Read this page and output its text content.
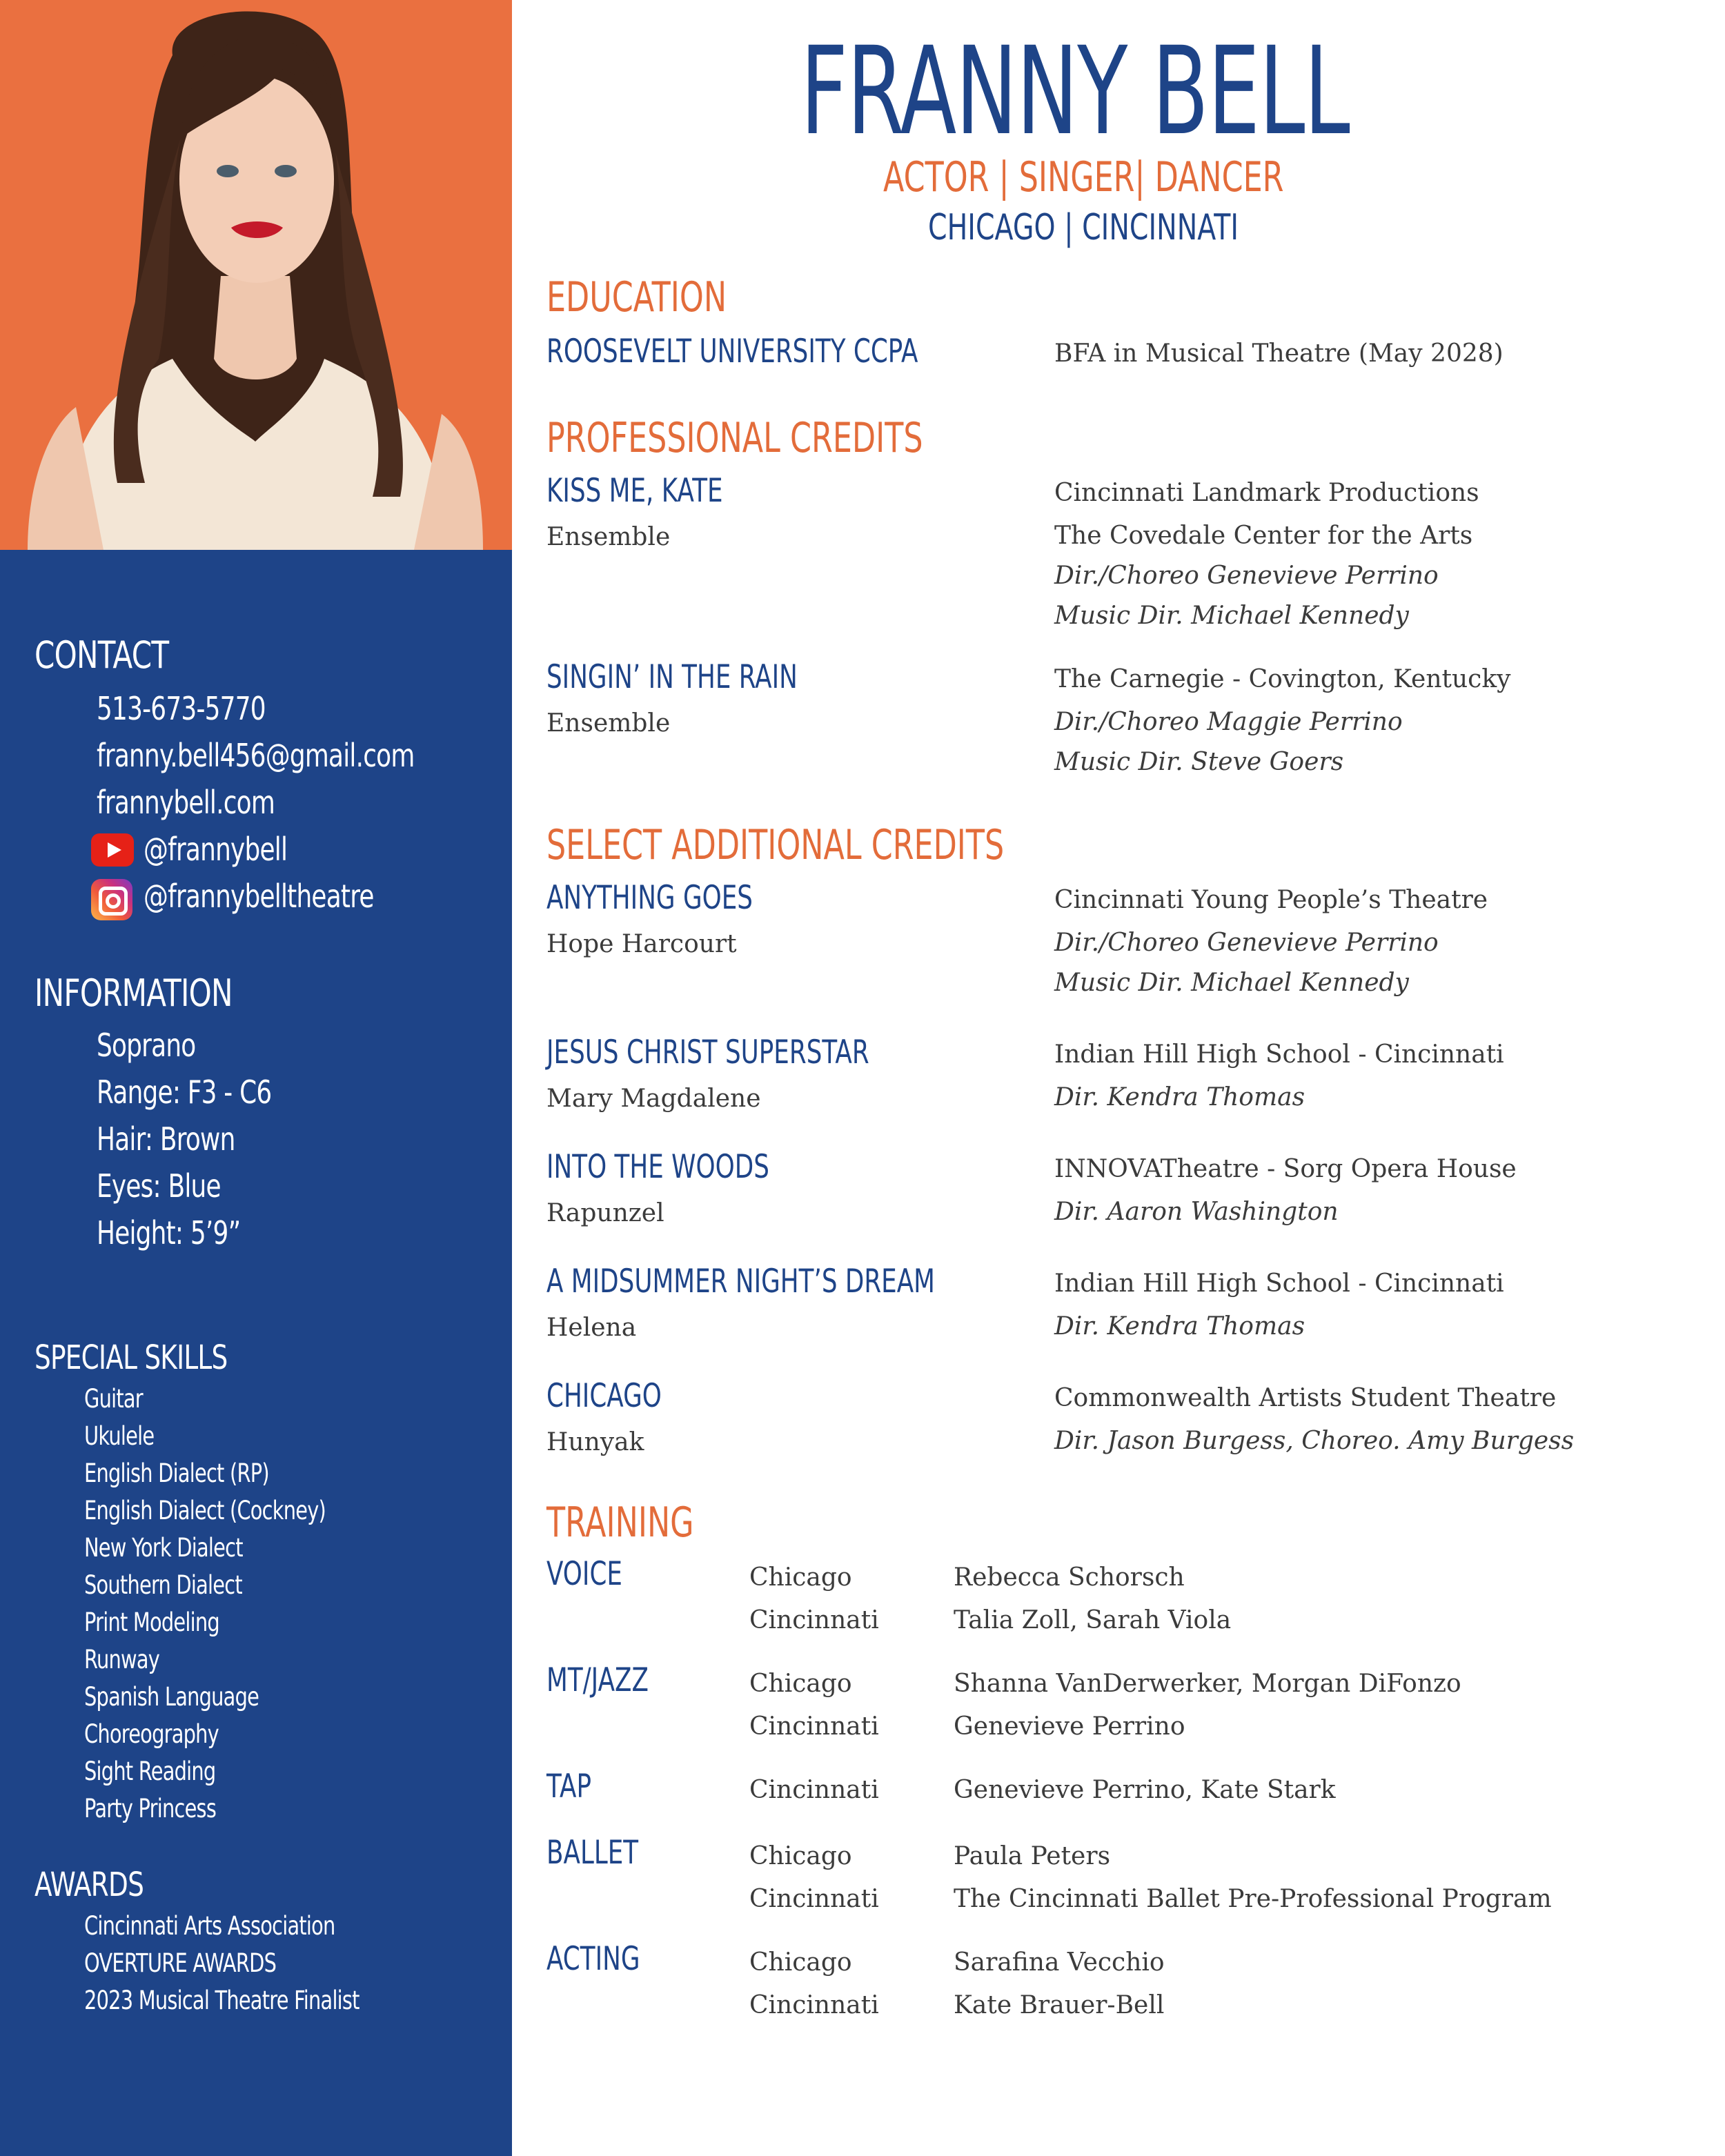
CONTACT
513-673-5770
franny.bell456@gmail.com
frannybell.com
@frannybell
@frannybelltheatre
INFORMATION
Soprano
Range: F3 - C6
Hair: Brown
Eyes: Blue
Height: 5’9”
SPECIAL SKILLS
Guitar
Ukulele
English Dialect (RP)
English Dialect (Cockney)
New York Dialect
Southern Dialect
Print Modeling
Runway
Spanish Language
Choreography
Sight Reading
Party Princess
AWARDS
Cincinnati Arts Association
OVERTURE AWARDS
2023 Musical Theatre Finalist
FRANNY BELL
ACTOR | SINGER| DANCER
CHICAGO | CINCINNATI
EDUCATION
ROOSEVELT UNIVERSITY CCPA	BFA in Musical Theatre (May 2028)
PROFESSIONAL CREDITS
KISS ME, KATE
Ensemble
Cincinnati Landmark Productions
The Covedale Center for the Arts
Dir./Choreo Genevieve Perrino
Music Dir. Michael Kennedy
SINGIN’ IN THE RAIN
Ensemble
The Carnegie - Covington, Kentucky
Dir./Choreo Maggie Perrino
Music Dir. Steve Goers
SELECT ADDITIONAL CREDITS
ANYTHING GOES
Hope Harcourt
Cincinnati Young People’s Theatre
Dir./Choreo Genevieve Perrino
Music Dir. Michael Kennedy
JESUS CHRIST SUPERSTAR
Mary Magdalene
Indian Hill High School - Cincinnati
Dir. Kendra Thomas
INTO THE WOODS
Rapunzel
INNOVATheatre - Sorg Opera House
Dir. Aaron Washington
A MIDSUMMER NIGHT’S DREAM
Helena
Indian Hill High School - Cincinnati
Dir. Kendra Thomas
CHICAGO
Hunyak
Commonwealth Artists Student Theatre
Dir. Jason Burgess, Choreo. Amy Burgess
TRAINING
VOICE	Chicago	Rebecca Schorsch
Cincinnati	Talia Zoll, Sarah Viola
MT/JAZZ	Chicago	Shanna VanDerwerker, Morgan DiFonzo
Cincinnati	Genevieve Perrino
TAP	Cincinnati	Genevieve Perrino, Kate Stark
BALLET	Chicago	Paula Peters
Cincinnati	The Cincinnati Ballet Pre-Professional Program
ACTING	Chicago	Sarafina Vecchio
Cincinnati	Kate Brauer-Bell
